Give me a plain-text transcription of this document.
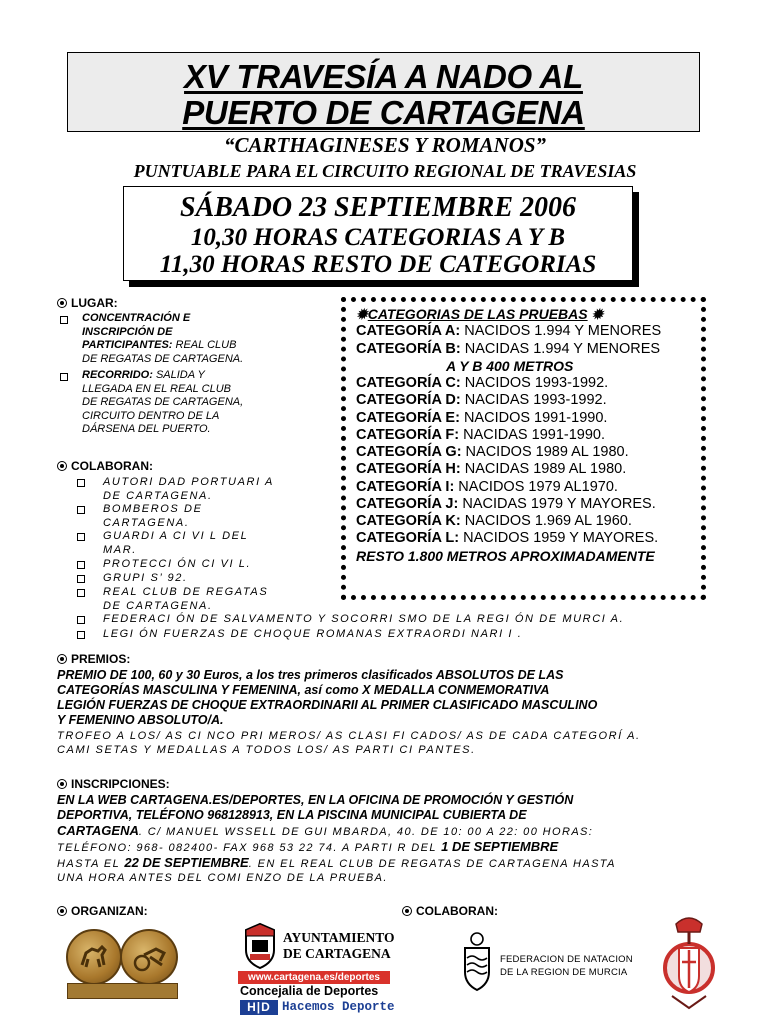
XV TRAVESÍA A NADO AL
PUERTO DE CARTAGENA
“CARTHAGINESES Y ROMANOS”
PUNTUABLE PARA EL CIRCUITO REGIONAL DE TRAVESIAS
SÁBADO 23 SEPTIEMBRE 2006
10,30 HORAS CATEGORIAS A Y B
11,30 HORAS RESTO DE CATEGORIAS
LUGAR:
CONCENTRACIÓN E
INSCRIPCIÓN DE
PARTICIPANTES: REAL CLUB
DE REGATAS DE CARTAGENA.
RECORRIDO: SALIDA Y
LLEGADA EN EL REAL CLUB
DE REGATAS DE CARTAGENA,
CIRCUITO DENTRO DE LA
DÁRSENA DEL PUERTO.
COLABORAN:
AUTORI DAD PORTUARI A
DE CARTAGENA.
BOMBEROS DE
CARTAGENA.
GUARDI A CI VI L DEL
MAR.
PROTECCI ÓN CI VI L.
GRUPI S’ 92.
REAL CLUB DE REGATAS
DE CARTAGENA.
FEDERACI ÓN DE SALVAMENTO Y SOCORRI SMO DE LA REGI ÓN DE MURCI A.
LEGI ÓN FUERZAS DE CHOQUE ROMANAS EXTRAORDI NARI I .
✹CATEGORIAS DE LAS PRUEBAS ✹
CATEGORÍA A: NACIDOS 1.994 Y MENORES
CATEGORÍA B: NACIDAS 1.994 Y MENORES
A Y B 400 METROS
CATEGORÍA C: NACIDOS 1993-1992.
CATEGORÍA D: NACIDAS 1993-1992.
CATEGORÍA E: NACIDOS 1991-1990.
CATEGORÍA F: NACIDAS 1991-1990.
CATEGORÍA G: NACIDOS 1989 AL 1980.
CATEGORÍA H: NACIDAS 1989 AL 1980.
CATEGORÍA I: NACIDOS 1979 AL1970.
CATEGORÍA J: NACIDAS 1979 Y MAYORES.
CATEGORÍA K: NACIDOS 1.969 AL 1960.
CATEGORÍA L: NACIDOS 1959 Y MAYORES.
RESTO 1.800 METROS APROXIMADAMENTE
PREMIOS:
PREMIO DE 100, 60 y 30 Euros, a los tres primeros clasificados ABSOLUTOS DE LAS
CATEGORÍAS MASCULINA Y FEMENINA, así como X MEDALLA CONMEMORATIVA
LEGIÓN FUERZAS DE CHOQUE EXTRAORDINARII AL PRIMER CLASIFICADO MASCULINO
Y FEMENINO ABSOLUTO/A.
TROFEO A LOS/ AS CI NCO PRI MEROS/ AS CLASI FI CADOS/ AS DE CADA CATEGORÍ A.
CAMI SETAS Y MEDALLAS A TODOS LOS/ AS PARTI CI PANTES.
INSCRIPCIONES:
EN LA WEB CARTAGENA.ES/DEPORTES, EN LA OFICINA DE PROMOCIÓN Y GESTIÓN
DEPORTIVA, TELÉFONO 968128913, EN LA PISCINA MUNICIPAL CUBIERTA DE
CARTAGENA. C/ MANUEL WSSELL DE GUI MBARDA, 40. DE 10: 00 A 22: 00 HORAS:
TELÉFONO: 968- 082400- FAX 968 53 22 74. A PARTI R DEL 1 DE SEPTIEMBRE
HASTA EL 22 DE SEPTIEMBRE. EN EL REAL CLUB DE REGATAS DE CARTAGENA HASTA
UNA HORA ANTES DEL COMI ENZO DE LA PRUEBA.
ORGANIZAN:	COLABORAN:
AYUNTAMIENTO
DE CARTAGENA
www.cartagena.es/deportes
Concejalia de Deportes
H|D Hacemos Deporte
FEDERACION DE NATACION
DE LA REGION DE MURCIA
